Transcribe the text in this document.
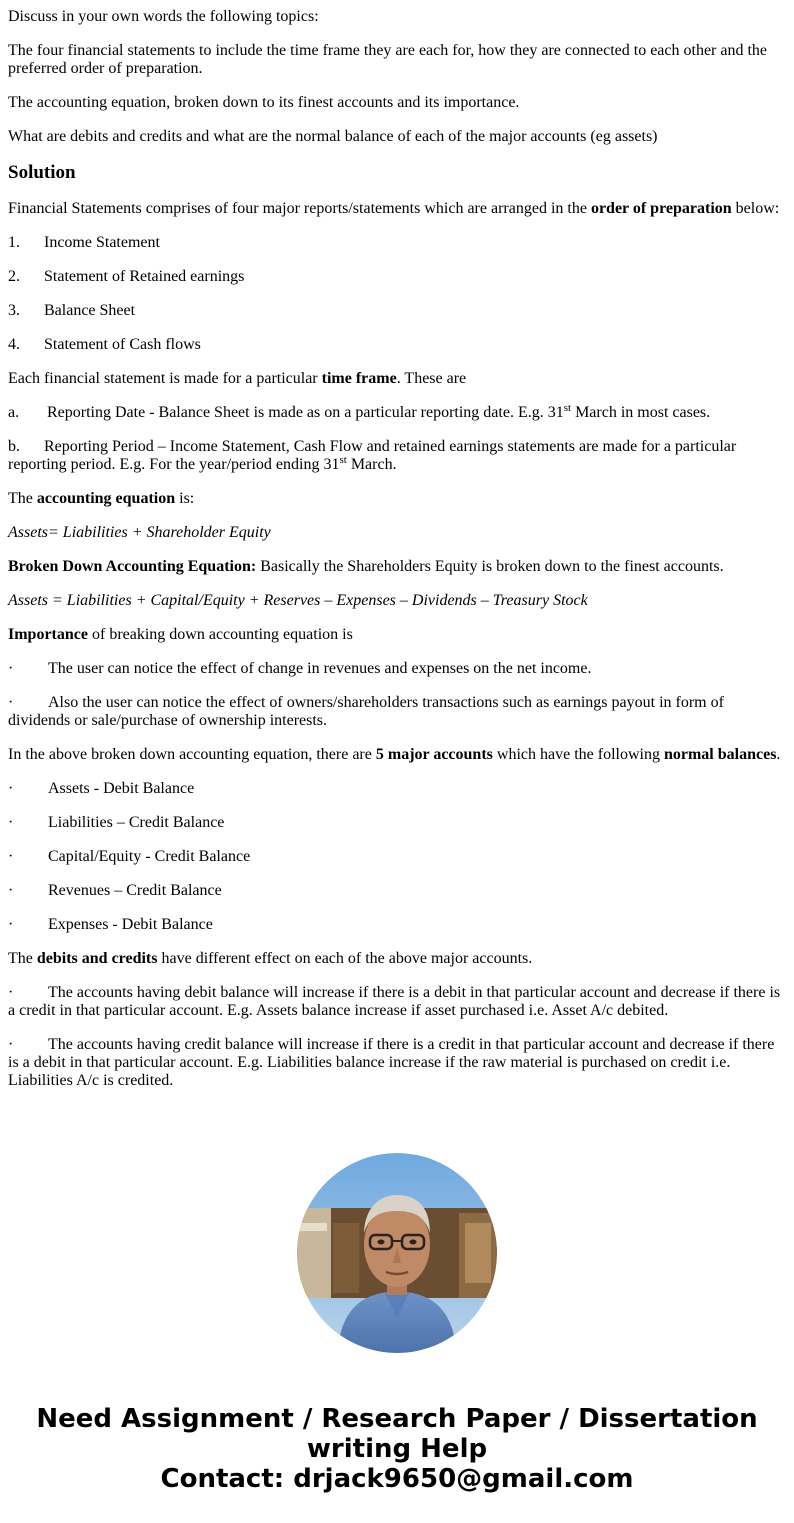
Discuss in your own words the following topics:

The four financial statements to include the time frame they are each for, how they are connected to each other and the preferred order of preparation.

The accounting equation, broken down to its finest accounts and its importance.

What are debits and credits and what are the normal balance of each of the major accounts (eg assets)

Solution

Financial Statements comprises of four major reports/statements which are arranged in the order of preparation below:

1. Income Statement

2. Statement of Retained earnings

3. Balance Sheet

4. Statement of Cash flows

Each financial statement is made for a particular time frame. These are

a. Reporting Date - Balance Sheet is made as on a particular reporting date. E.g. 31st March in most cases.

b. Reporting Period – Income Statement, Cash Flow and retained earnings statements are made for a particular reporting period. E.g. For the year/period ending 31st March.

The accounting equation is:

Assets= Liabilities + Shareholder Equity

Broken Down Accounting Equation: Basically the Shareholders Equity is broken down to the finest accounts.

Assets = Liabilities + Capital/Equity + Reserves – Expenses – Dividends – Treasury Stock

Importance of breaking down accounting equation is

· The user can notice the effect of change in revenues and expenses on the net income.

· Also the user can notice the effect of owners/shareholders transactions such as earnings payout in form of dividends or sale/purchase of ownership interests.

In the above broken down accounting equation, there are 5 major accounts which have the following normal balances.

· Assets - Debit Balance

· Liabilities – Credit Balance

· Capital/Equity - Credit Balance

· Revenues – Credit Balance

· Expenses - Debit Balance

The debits and credits have different effect on each of the above major accounts.

· The accounts having debit balance will increase if there is a debit in that particular account and decrease if there is a credit in that particular account. E.g. Assets balance increase if asset purchased i.e. Asset A/c debited.

· The accounts having credit balance will increase if there is a credit in that particular account and decrease if there is a debit in that particular account. E.g. Liabilities balance increase if the raw material is purchased on credit i.e. Liabilities A/c is credited.

Need Assignment / Research Paper / Dissertation
writing Help
Contact: drjack9650@gmail.com
